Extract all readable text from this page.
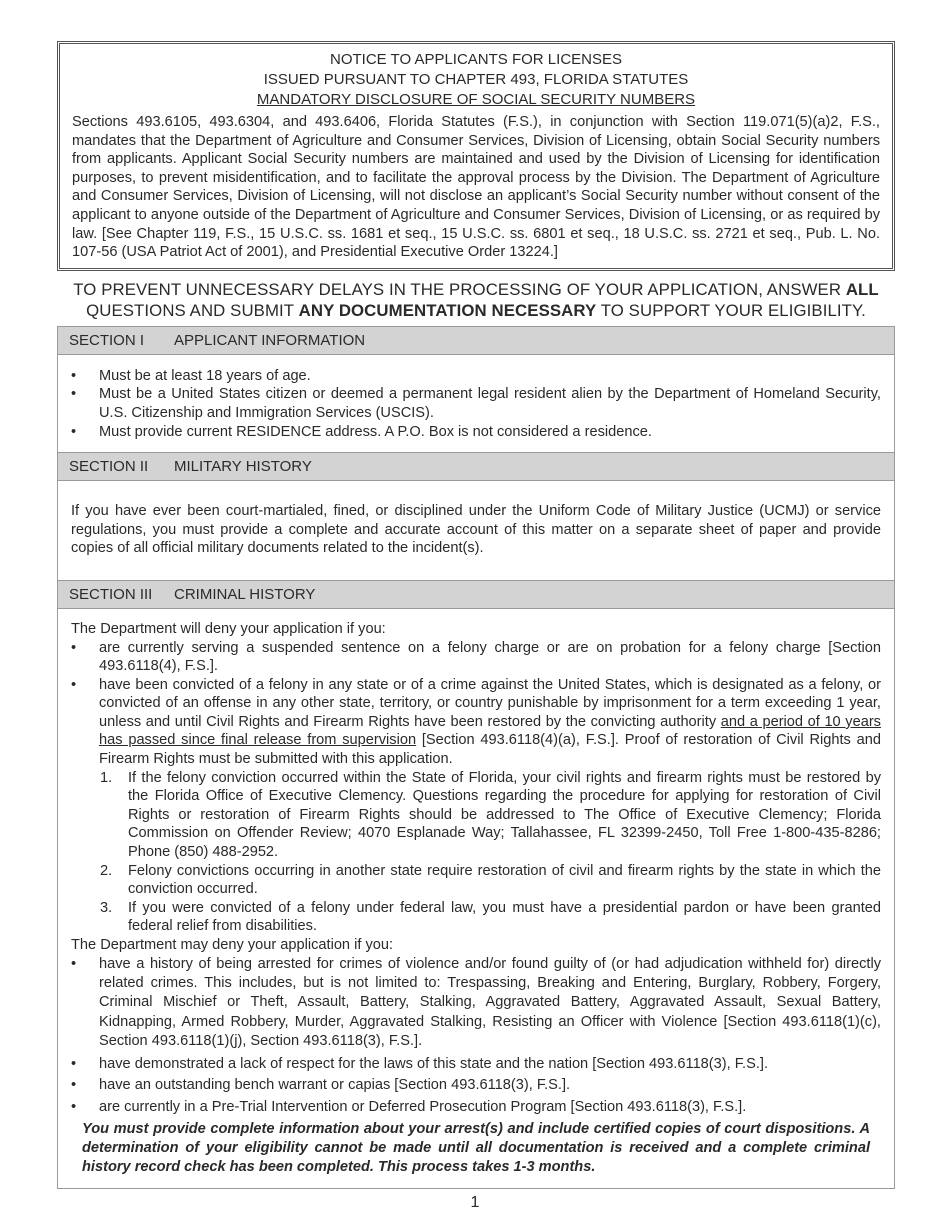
NOTICE TO APPLICANTS FOR LICENSES
ISSUED PURSUANT TO CHAPTER 493, FLORIDA STATUTES
MANDATORY DISCLOSURE OF SOCIAL SECURITY NUMBERS
Sections 493.6105, 493.6304, and 493.6406, Florida Statutes (F.S.), in conjunction with Section 119.071(5)(a)2, F.S., mandates that the Department of Agriculture and Consumer Services, Division of Licensing, obtain Social Security numbers from applicants. Applicant Social Security numbers are maintained and used by the Division of Licensing for identification purposes, to prevent misidentification, and to facilitate the approval process by the Division. The Department of Agriculture and Consumer Services, Division of Licensing, will not disclose an applicant’s Social Security number without consent of the applicant to anyone outside of the Department of Agriculture and Consumer Services, Division of Licensing, or as required by law. [See Chapter 119, F.S., 15 U.S.C. ss. 1681 et seq., 15 U.S.C. ss. 6801 et seq., 18 U.S.C. ss. 2721 et seq., Pub. L. No. 107-56 (USA Patriot Act of 2001), and Presidential Executive Order 13224.]
TO PREVENT UNNECESSARY DELAYS IN THE PROCESSING OF YOUR APPLICATION, ANSWER ALL QUESTIONS AND SUBMIT ANY DOCUMENTATION NECESSARY TO SUPPORT YOUR ELIGIBILITY.
SECTION I APPLICANT INFORMATION
• Must be at least 18 years of age.
• Must be a United States citizen or deemed a permanent legal resident alien by the Department of Homeland Security, U.S. Citizenship and Immigration Services (USCIS).
• Must provide current RESIDENCE address. A P.O. Box is not considered a residence.
SECTION II MILITARY HISTORY
If you have ever been court-martialed, fined, or disciplined under the Uniform Code of Military Justice (UCMJ) or service regulations, you must provide a complete and accurate account of this matter on a separate sheet of paper and provide copies of all official military documents related to the incident(s).
SECTION III CRIMINAL HISTORY
The Department will deny your application if you:
• are currently serving a suspended sentence on a felony charge or are on probation for a felony charge [Section 493.6118(4), F.S.].
• have been convicted of a felony in any state or of a crime against the United States, which is designated as a felony, or convicted of an offense in any other state, territory, or country punishable by imprisonment for a term exceeding 1 year, unless and until Civil Rights and Firearm Rights have been restored by the convicting authority and a period of 10 years has passed since final release from supervision [Section 493.6118(4)(a), F.S.]. Proof of restoration of Civil Rights and Firearm Rights must be submitted with this application.
1. If the felony conviction occurred within the State of Florida, your civil rights and firearm rights must be restored by the Florida Office of Executive Clemency. Questions regarding the procedure for applying for restoration of Civil Rights or restoration of Firearm Rights should be addressed to The Office of Executive Clemency; Florida Commission on Offender Review; 4070 Esplanade Way; Tallahassee, FL 32399-2450, Toll Free 1-800-435-8286; Phone (850) 488-2952.
2. Felony convictions occurring in another state require restoration of civil and firearm rights by the state in which the conviction occurred.
3. If you were convicted of a felony under federal law, you must have a presidential pardon or have been granted federal relief from disabilities.
The Department may deny your application if you:
• have a history of being arrested for crimes of violence and/or found guilty of (or had adjudication withheld for) directly related crimes. This includes, but is not limited to: Trespassing, Breaking and Entering, Burglary, Robbery, Forgery, Criminal Mischief or Theft, Assault, Battery, Stalking, Aggravated Battery, Aggravated Assault, Sexual Battery, Kidnapping, Armed Robbery, Murder, Aggravated Stalking, Resisting an Officer with Violence [Section 493.6118(1)(c), Section 493.6118(1)(j), Section 493.6118(3), F.S.].
• have demonstrated a lack of respect for the laws of this state and the nation [Section 493.6118(3), F.S.].
• have an outstanding bench warrant or capias [Section 493.6118(3), F.S.].
• are currently in a Pre-Trial Intervention or Deferred Prosecution Program [Section 493.6118(3), F.S.].
You must provide complete information about your arrest(s) and include certified copies of court dispositions. A determination of your eligibility cannot be made until all documentation is received and a complete criminal history record check has been completed. This process takes 1-3 months.
1
